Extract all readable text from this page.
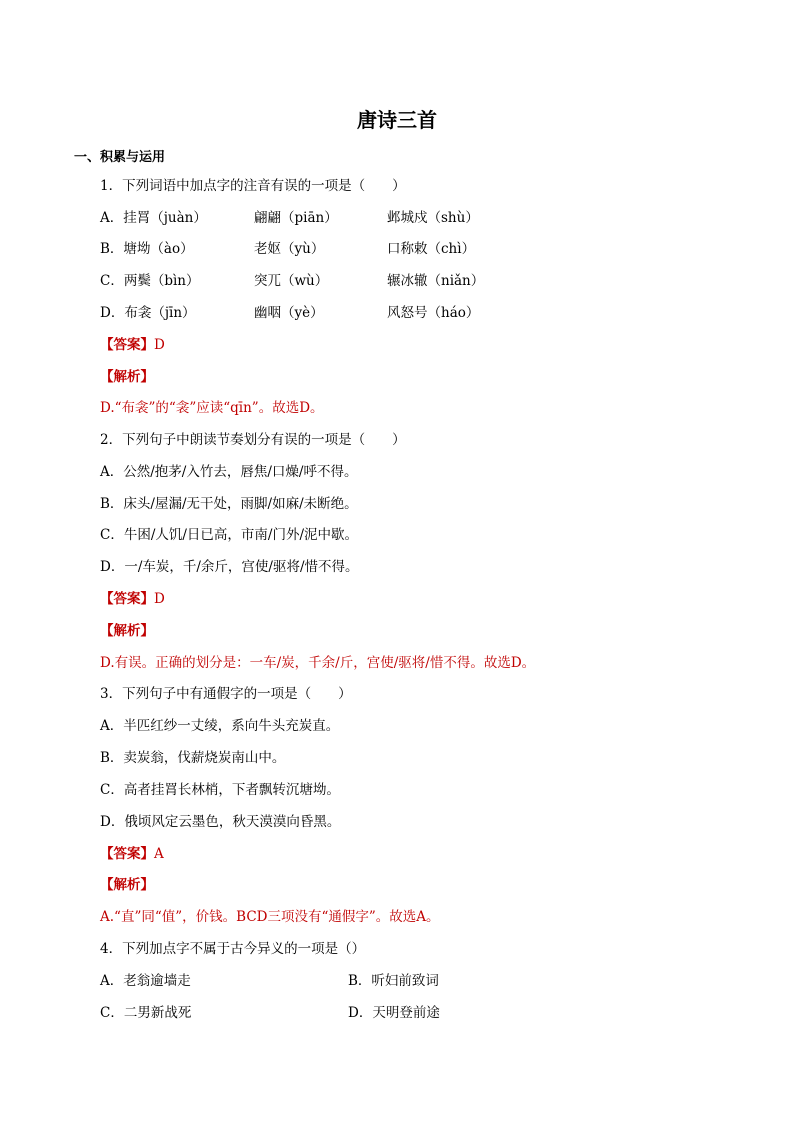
唐诗三首
一、积累与运用
1．下列词语中加点字的注音有误的一项是（　　）
A．挂罥（juàn）	翩翩（piān）	邺城戍（shù）
B．塘坳（ào）	老妪（yù）	口称敕（chì）
C．两鬓（bìn）	突兀（wù）	辗冰辙（niǎn）
D．布衾（jīn）	幽咽（yè）	风怒号（háo）
【答案】D
【解析】
D.“布衾”的“衾”应读“qīn”。故选D。
2．下列句子中朗读节奏划分有误的一项是（　　）
A．公然/抱茅/入竹去，唇焦/口燥/呼不得。
B．床头/屋漏/无干处，雨脚/如麻/未断绝。
C．牛困/人饥/日已高，市南/门外/泥中歇。
D．一/车炭，千/余斤，宫使/驱将/惜不得。
【答案】D
【解析】
D.有误。正确的划分是：一车/炭，千余/斤，宫使/驱将/惜不得。故选D。
3．下列句子中有通假字的一项是（　　）
A．半匹红纱一丈绫，系向牛头充炭直。
B．卖炭翁，伐薪烧炭南山中。
C．高者挂罥长林梢，下者飘转沉塘坳。
D．俄顷风定云墨色，秋天漠漠向昏黑。
【答案】A
【解析】
A.“直”同“值”，价钱。BCD三项没有“通假字”。故选A。
4．下列加点字不属于古今异义的一项是（）
A．老翁逾墙走	B．听妇前致词
C．二男新战死	D．天明登前途
